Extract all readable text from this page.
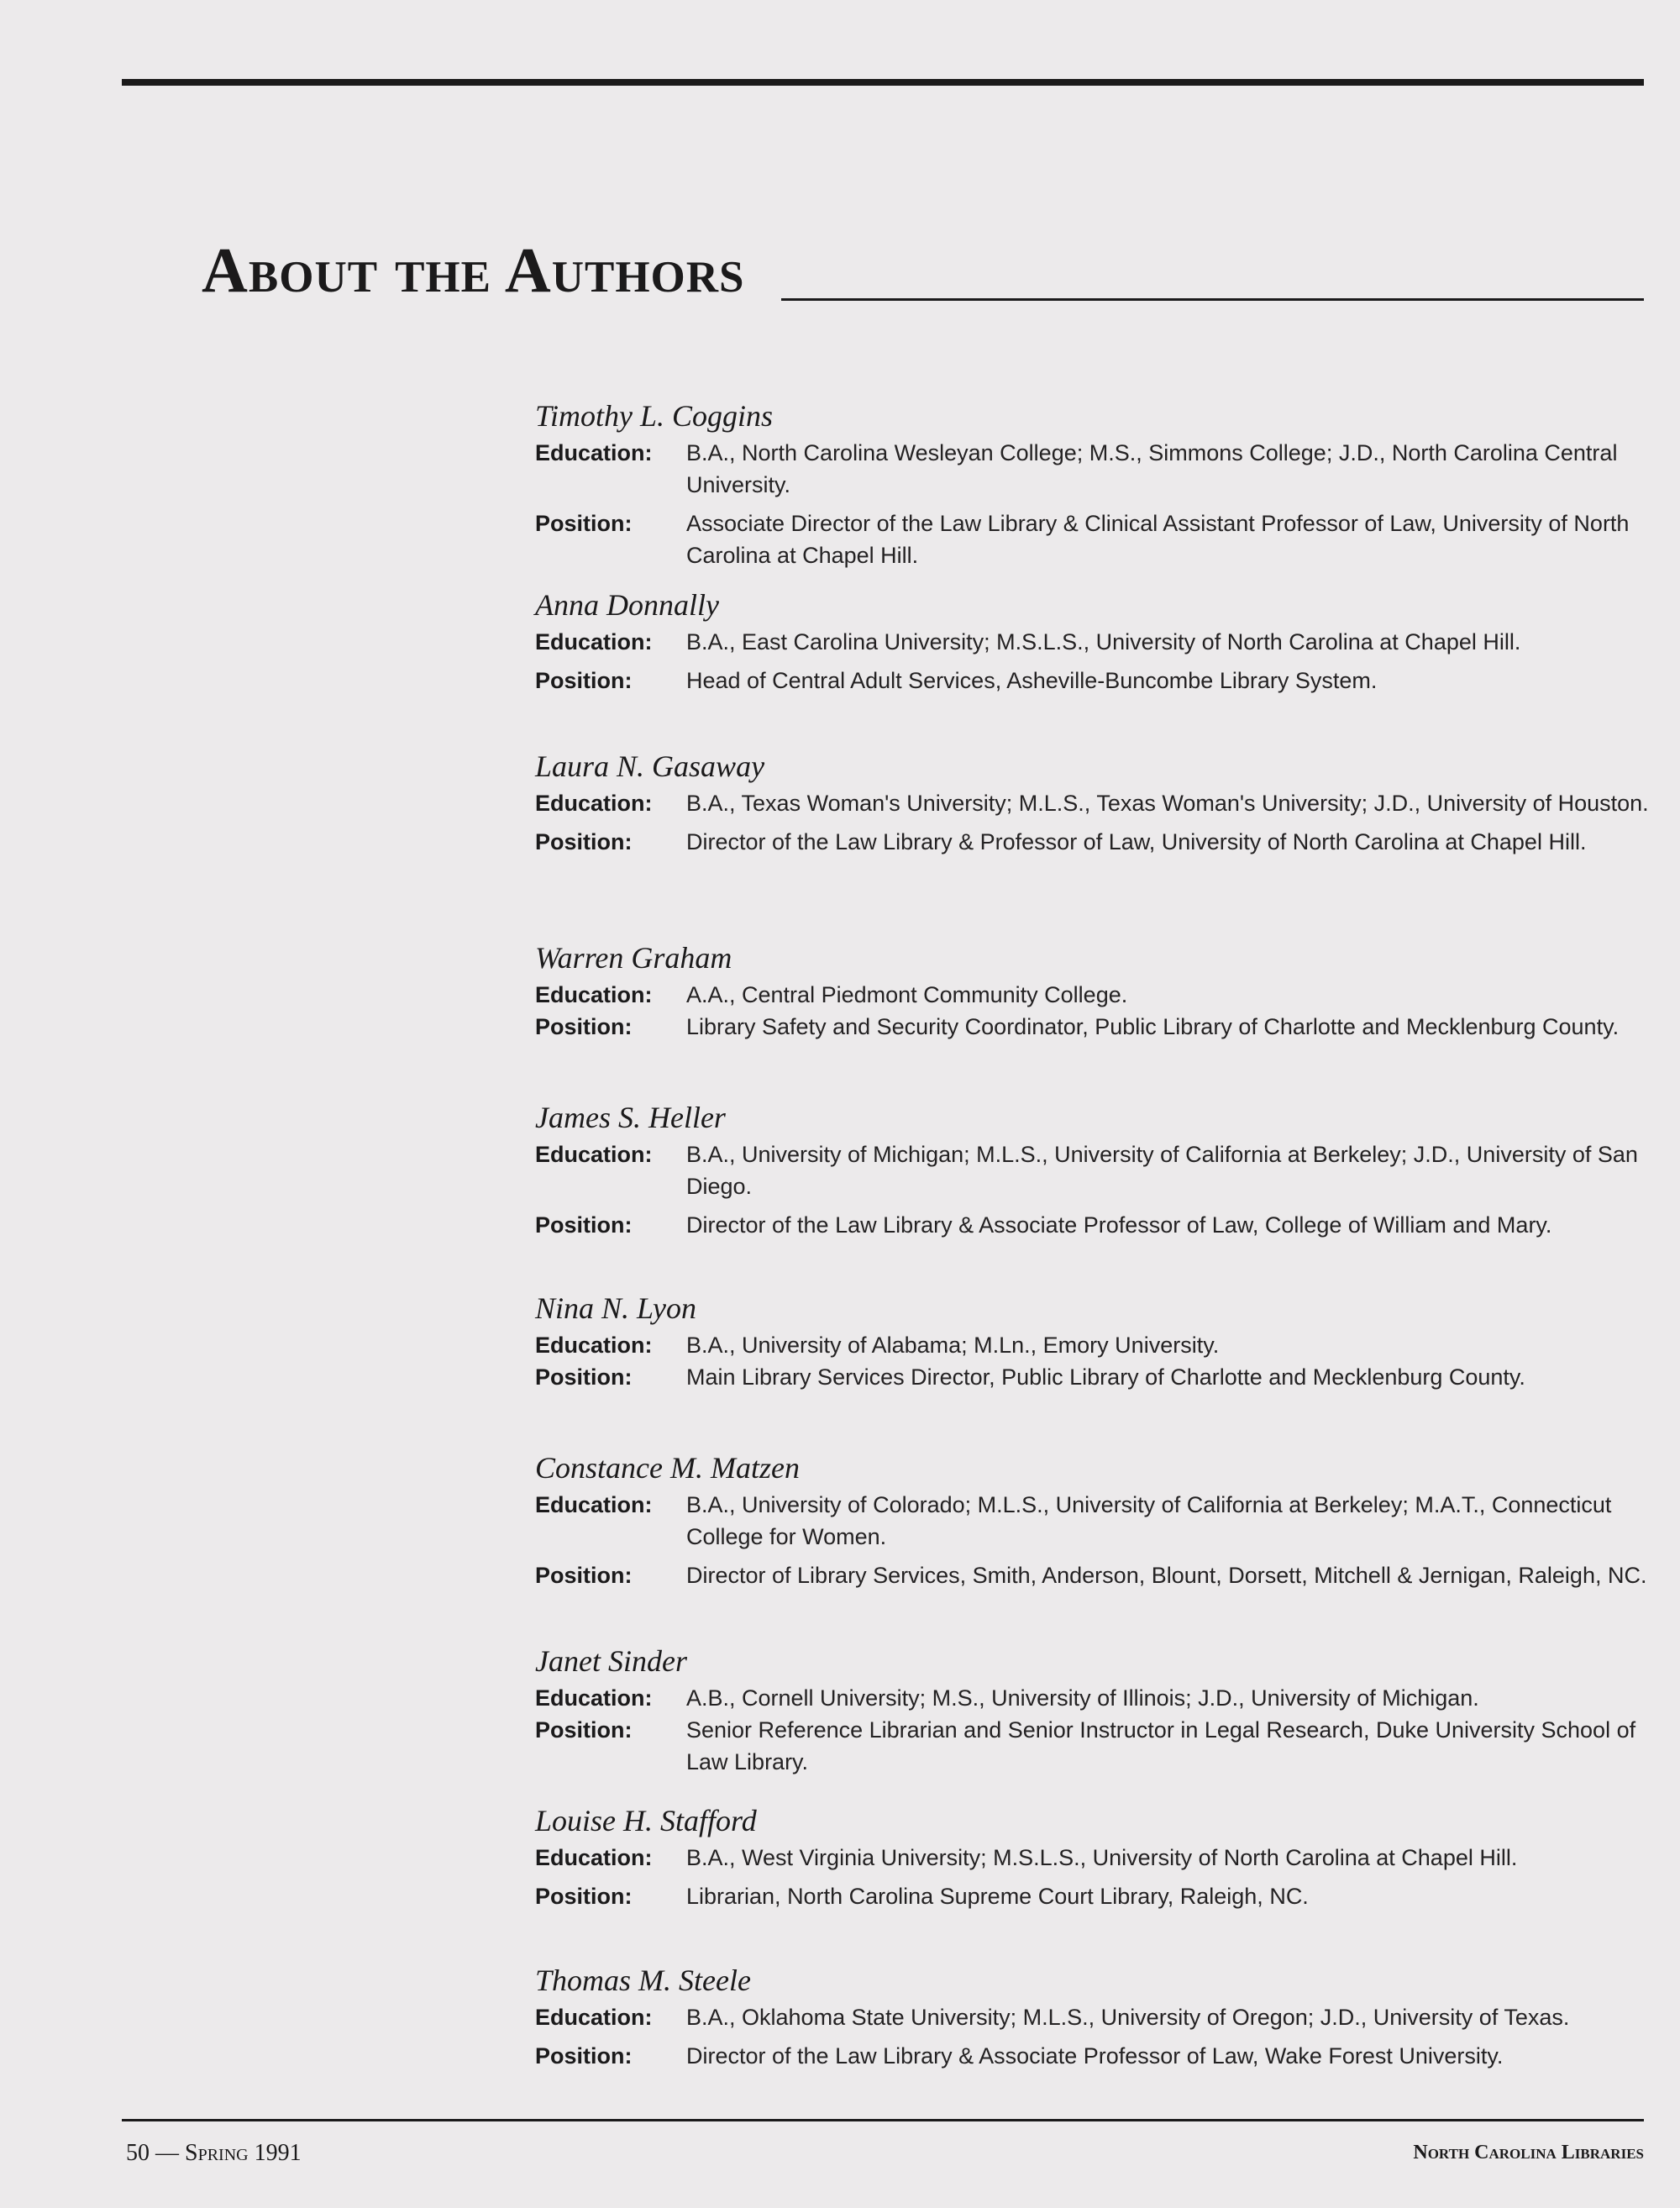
About the Authors
Timothy L. Coggins
Education:	B.A., North Carolina Wesleyan College; M.S., Simmons College; J.D., North Carolina Central University.
Position:	Associate Director of the Law Library & Clinical Assistant Professor of Law, University of North Carolina at Chapel Hill.
Anna Donnally
Education:	B.A., East Carolina University; M.S.L.S., University of North Carolina at Chapel Hill.
Position:	Head of Central Adult Services, Asheville-Buncombe Library System.
Laura N. Gasaway
Education:	B.A., Texas Woman's University; M.L.S., Texas Woman's University; J.D., University of Houston.
Position:	Director of the Law Library & Professor of Law, University of North Carolina at Chapel Hill.
Warren Graham
Education:	A.A., Central Piedmont Community College.
Position:	Library Safety and Security Coordinator, Public Library of Charlotte and Mecklenburg County.
James S. Heller
Education:	B.A., University of Michigan; M.L.S., University of California at Berkeley; J.D., University of San Diego.
Position:	Director of the Law Library & Associate Professor of Law, College of William and Mary.
Nina N. Lyon
Education:	B.A., University of Alabama; M.Ln., Emory University.
Position:	Main Library Services Director, Public Library of Charlotte and Mecklenburg County.
Constance M. Matzen
Education:	B.A., University of Colorado; M.L.S., University of California at Berkeley; M.A.T., Connecticut College for Women.
Position:	Director of Library Services, Smith, Anderson, Blount, Dorsett, Mitchell & Jernigan, Raleigh, NC.
Janet Sinder
Education:	A.B., Cornell University; M.S., University of Illinois; J.D., University of Michigan.
Position:	Senior Reference Librarian and Senior Instructor in Legal Research, Duke University School of Law Library.
Louise H. Stafford
Education:	B.A., West Virginia University; M.S.L.S., University of North Carolina at Chapel Hill.
Position:	Librarian, North Carolina Supreme Court Library, Raleigh, NC.
Thomas M. Steele
Education:	B.A., Oklahoma State University; M.L.S., University of Oregon; J.D., University of Texas.
Position:	Director of the Law Library & Associate Professor of Law, Wake Forest University.
50 — Spring 1991	North Carolina Libraries
